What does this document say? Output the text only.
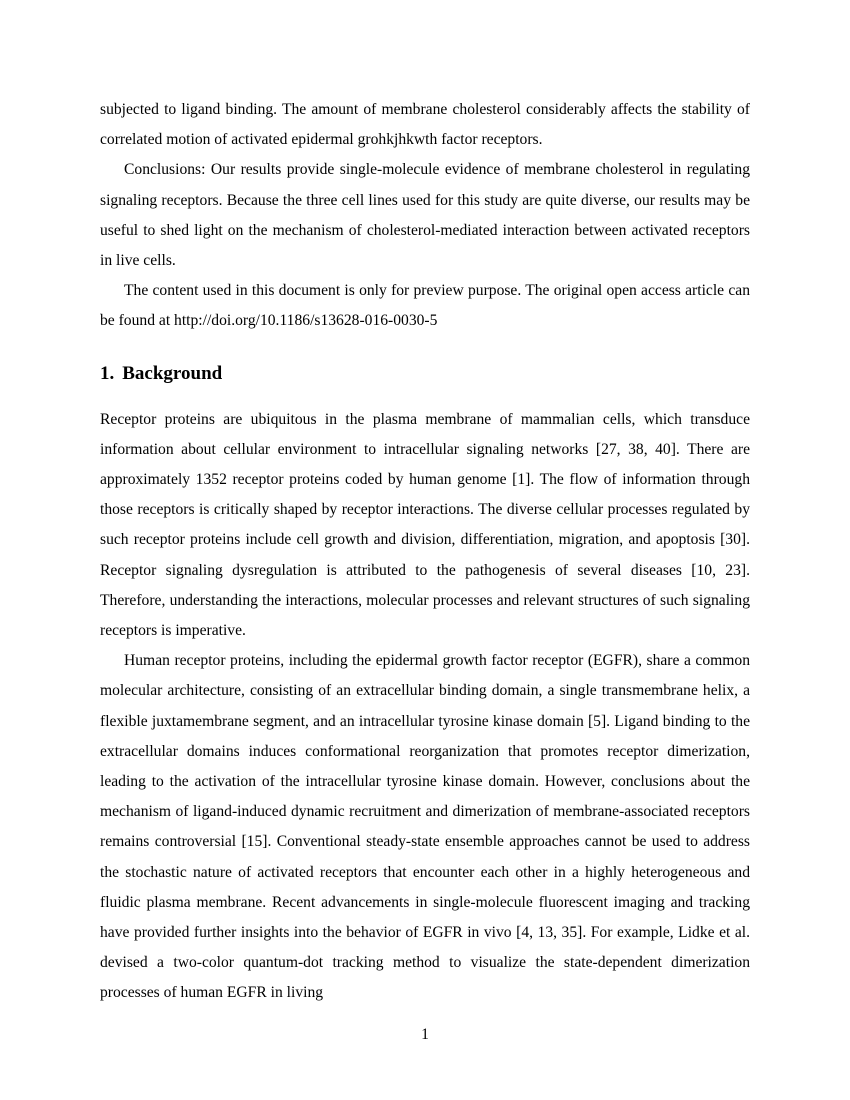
subjected to ligand binding. The amount of membrane cholesterol considerably affects the stability of correlated motion of activated epidermal grohkjhkwth factor receptors.

Conclusions: Our results provide single-molecule evidence of membrane cholesterol in regulating signaling receptors. Because the three cell lines used for this study are quite diverse, our results may be useful to shed light on the mechanism of cholesterol-mediated interaction between activated receptors in live cells.

The content used in this document is only for preview purpose. The original open access article can be found at http://doi.org/10.1186/s13628-016-0030-5

1. Background

Receptor proteins are ubiquitous in the plasma membrane of mammalian cells, which transduce information about cellular environment to intracellular signaling networks [27, 38, 40]. There are approximately 1352 receptor proteins coded by human genome [1]. The flow of information through those receptors is critically shaped by receptor interactions. The diverse cellular processes regulated by such receptor proteins include cell growth and division, differentiation, migration, and apoptosis [30]. Receptor signaling dysregulation is attributed to the pathogenesis of several diseases [10, 23]. Therefore, understanding the interactions, molecular processes and relevant structures of such signaling receptors is imperative.

Human receptor proteins, including the epidermal growth factor receptor (EGFR), share a common molecular architecture, consisting of an extracellular binding domain, a single transmembrane helix, a flexible juxtamembrane segment, and an intracellular tyrosine kinase domain [5]. Ligand binding to the extracellular domains induces conformational reorganization that promotes receptor dimerization, leading to the activation of the intracellular tyrosine kinase domain. However, conclusions about the mechanism of ligand-induced dynamic recruitment and dimerization of membrane-associated receptors remains controversial [15]. Conventional steady-state ensemble approaches cannot be used to address the stochastic nature of activated receptors that encounter each other in a highly heterogeneous and fluidic plasma membrane. Recent advancements in single-molecule fluorescent imaging and tracking have provided further insights into the behavior of EGFR in vivo [4, 13, 35]. For example, Lidke et al. devised a two-color quantum-dot tracking method to visualize the state-dependent dimerization processes of human EGFR in living

1
